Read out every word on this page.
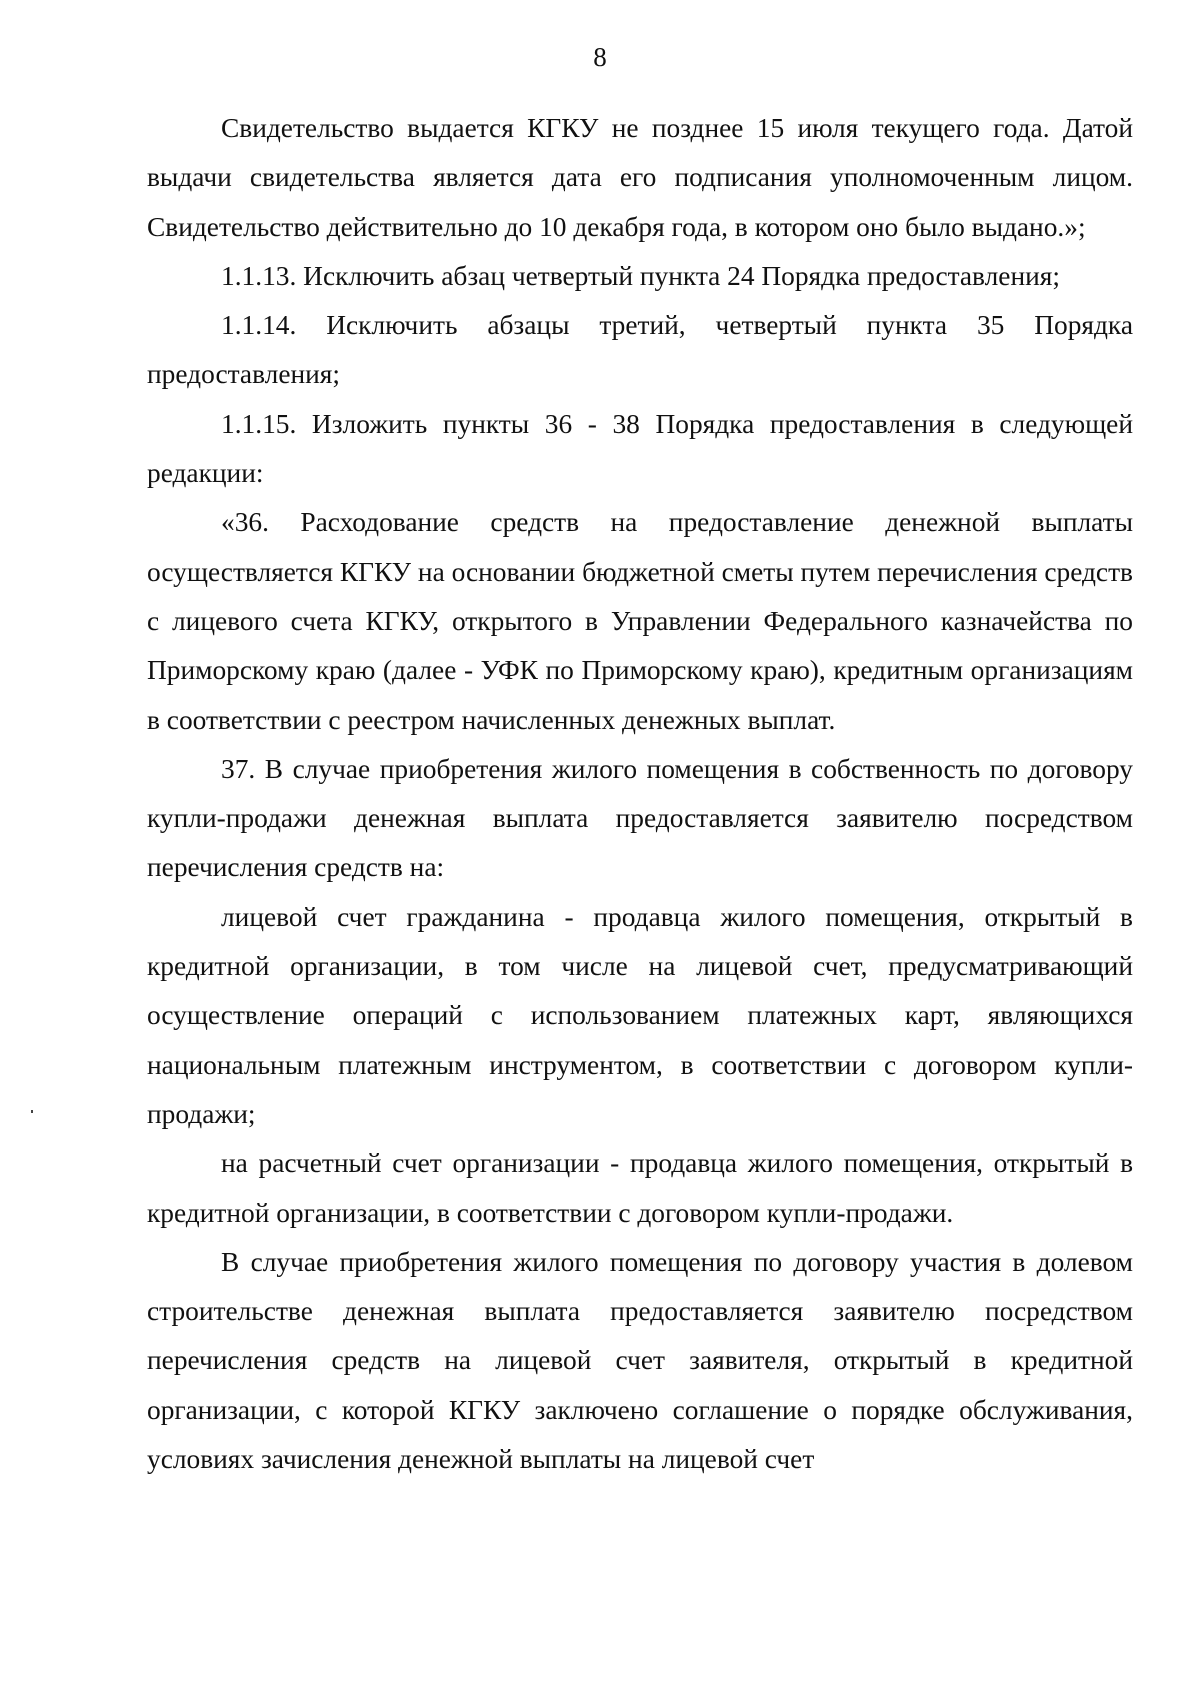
8

Свидетельство выдается КГКУ не позднее 15 июля текущего года. Датой выдачи свидетельства является дата его подписания уполномоченным лицом. Свидетельство действительно до 10 декабря года, в котором оно было выдано.»;

1.1.13. Исключить абзац четвертый пункта 24 Порядка предоставления;

1.1.14. Исключить абзацы третий, четвертый пункта 35 Порядка предоставления;

1.1.15. Изложить пункты 36 - 38 Порядка предоставления в следующей редакции:

«36. Расходование средств на предоставление денежной выплаты осуществляется КГКУ на основании бюджетной сметы путем перечисления средств с лицевого счета КГКУ, открытого в Управлении Федерального казначейства по Приморскому краю (далее - УФК по Приморскому краю), кредитным организациям в соответствии с реестром начисленных денежных выплат.

37. В случае приобретения жилого помещения в собственность по договору купли-продажи денежная выплата предоставляется заявителю посредством перечисления средств на:

лицевой счет гражданина - продавца жилого помещения, открытый в кредитной организации, в том числе на лицевой счет, предусматривающий осуществление операций с использованием платежных карт, являющихся национальным платежным инструментом, в соответствии с договором купли-продажи;

на расчетный счет организации - продавца жилого помещения, открытый в кредитной организации, в соответствии с договором купли-продажи.

В случае приобретения жилого помещения по договору участия в долевом строительстве денежная выплата предоставляется заявителю посредством перечисления средств на лицевой счет заявителя, открытый в кредитной организации, с которой КГКУ заключено соглашение о порядке обслуживания, условиях зачисления денежной выплаты на лицевой счет
